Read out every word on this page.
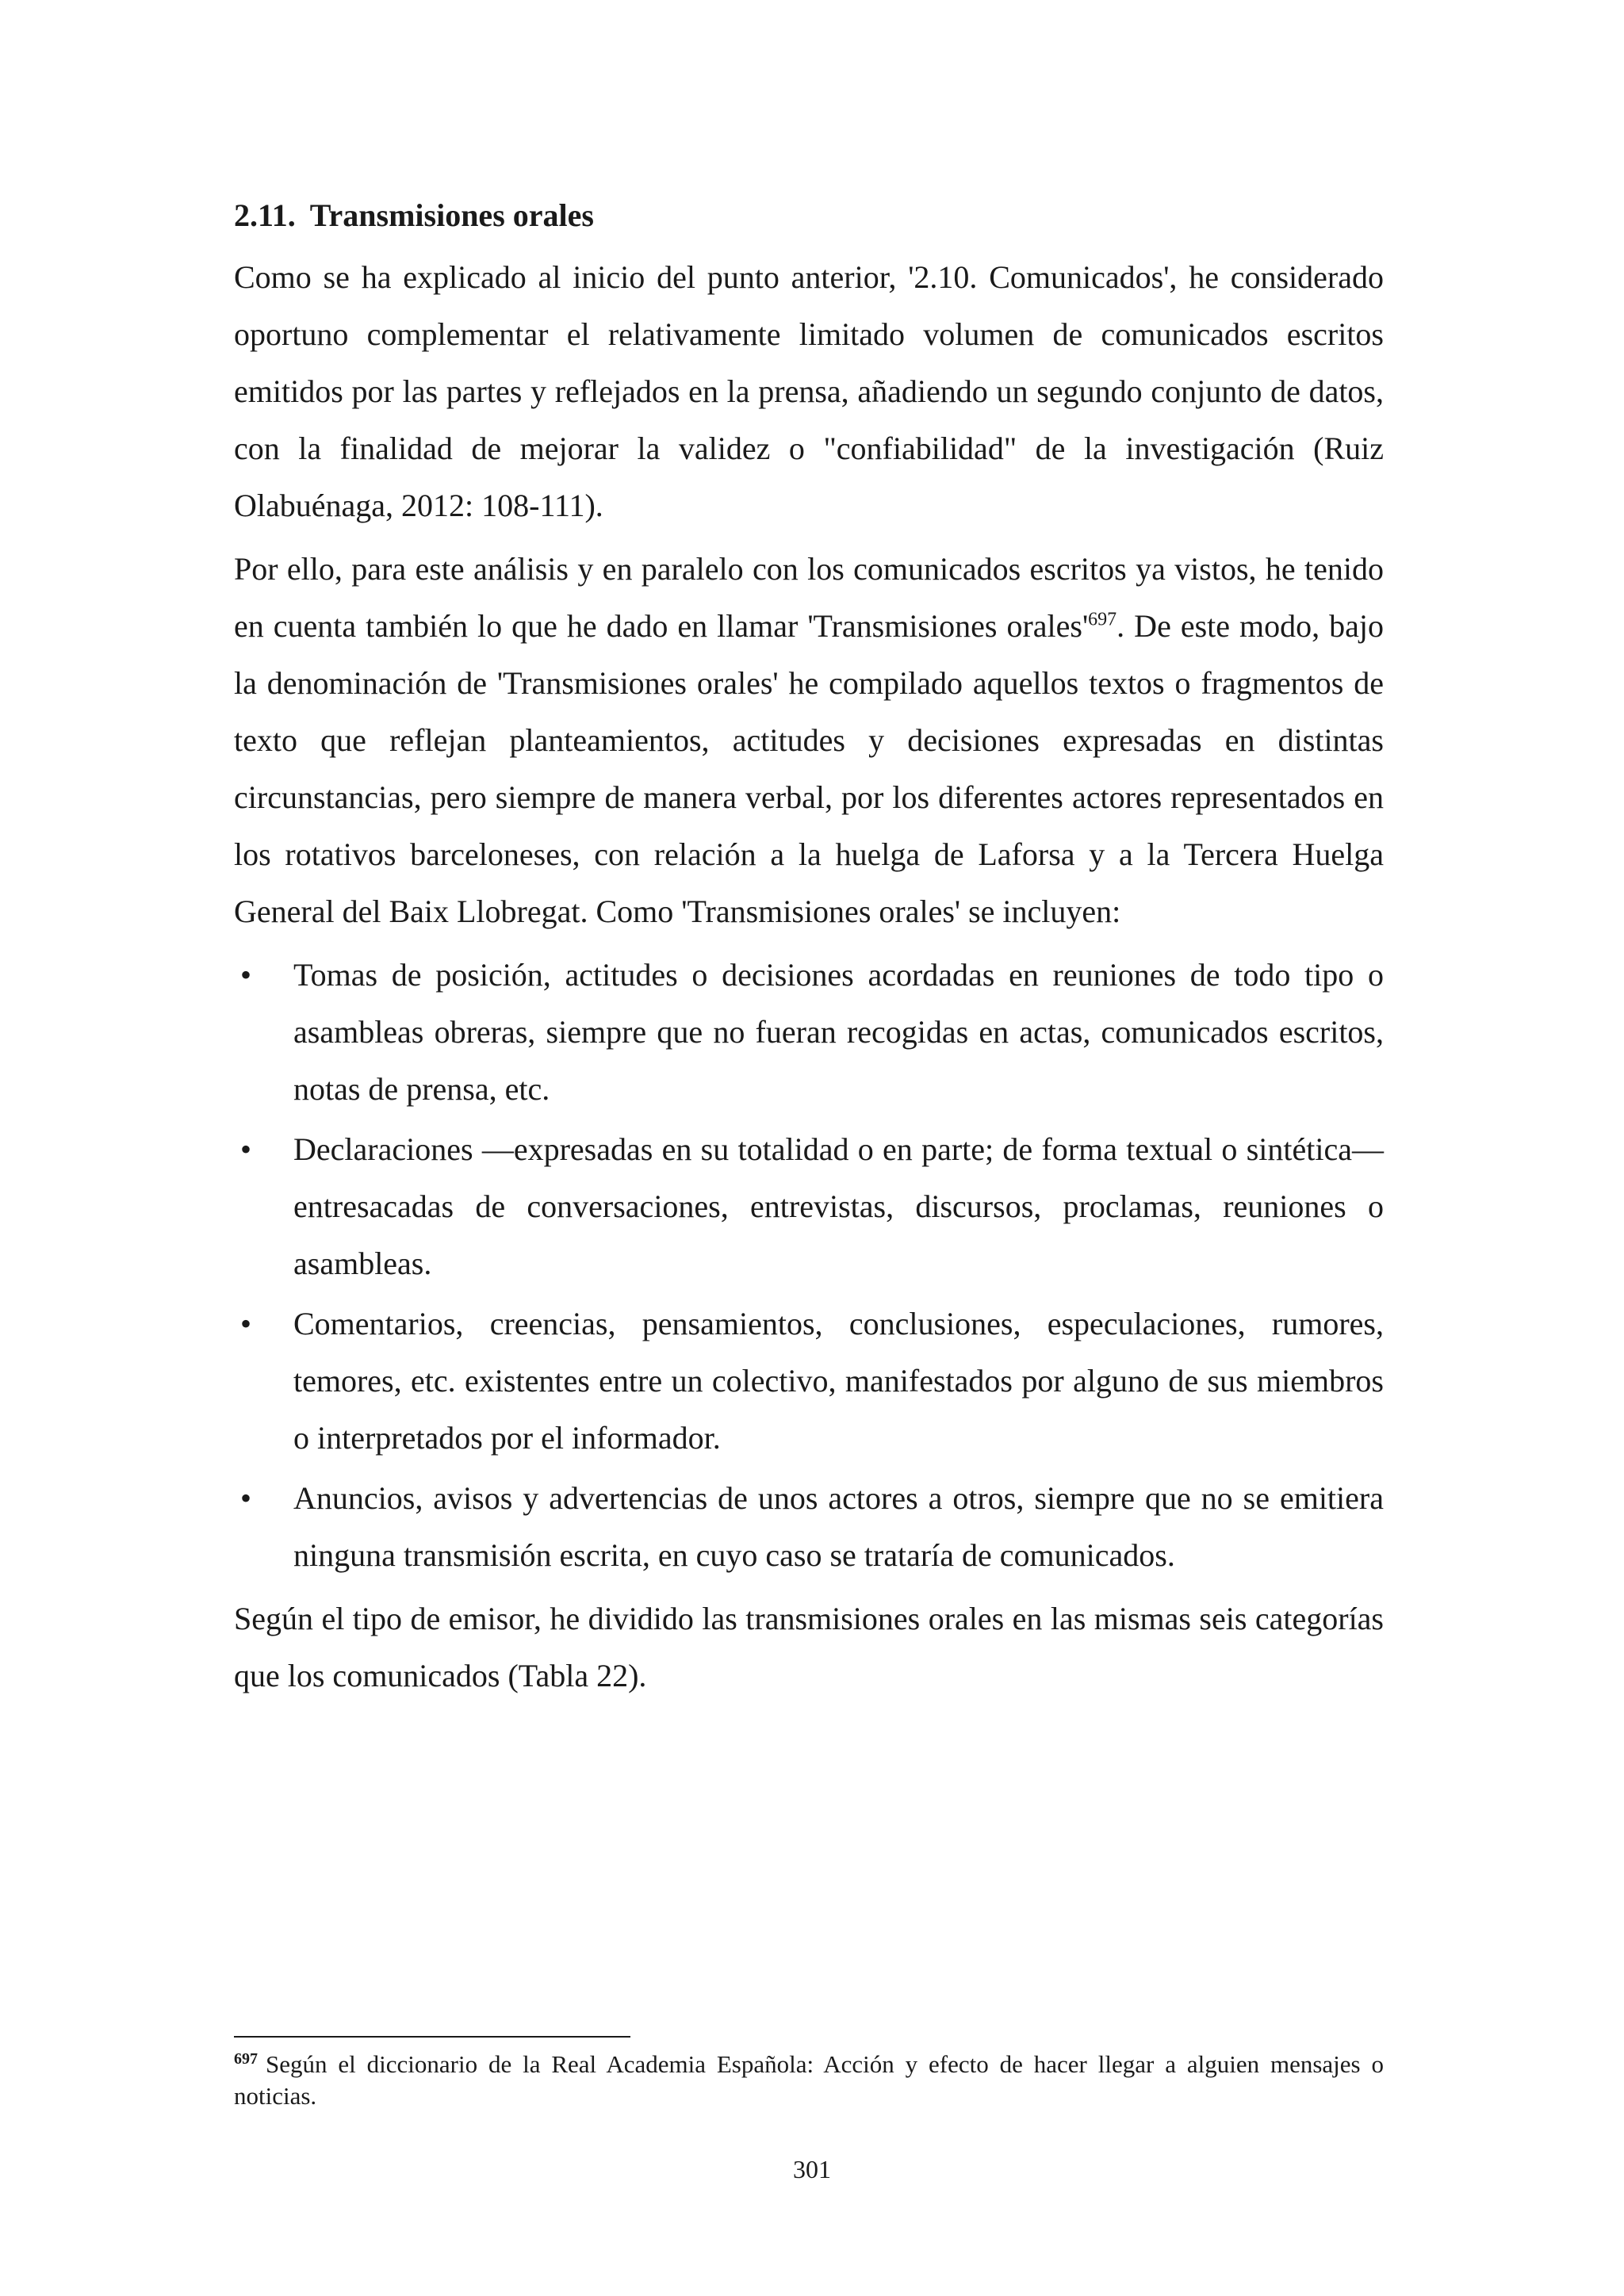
2.11. Transmisiones orales

Como se ha explicado al inicio del punto anterior, '2.10. Comunicados', he considerado oportuno complementar el relativamente limitado volumen de comunicados escritos emitidos por las partes y reflejados en la prensa, añadiendo un segundo conjunto de datos, con la finalidad de mejorar la validez o "confiabilidad" de la investigación (Ruiz Olabuénaga, 2012: 108-111).

Por ello, para este análisis y en paralelo con los comunicados escritos ya vistos, he tenido en cuenta también lo que he dado en llamar 'Transmisiones $orales'^{697}$. De este modo, bajo la denominación de 'Transmisiones orales' he compilado aquellos textos o fragmentos de texto que reflejan planteamientos, actitudes y decisiones expresadas en distintas circunstancias, pero siempre de manera verbal, por los diferentes actores representados en los rotativos barceloneses, con relación a la huelga de Laforsa y a la Tercera Huelga General del Baix Llobregat. Como 'Transmisiones orales' se incluyen:

• Tomas de posición, actitudes o decisiones acordadas en reuniones de todo tipo o asambleas obreras, siempre que no fueran recogidas en actas, comunicados escritos, notas de prensa, etc.
• Declaraciones —expresadas en su totalidad o en parte; de forma textual o sintética— entresacadas de conversaciones, entrevistas, discursos, proclamas, reuniones o asambleas.
• Comentarios, creencias, pensamientos, conclusiones, especulaciones, rumores, temores, etc. existentes entre un colectivo, manifestados por alguno de sus miembros o interpretados por el informador.
• Anuncios, avisos y advertencias de unos actores a otros, siempre que no se emitiera ninguna transmisión escrita, en cuyo caso se trataría de comunicados.

Según el tipo de emisor, he dividido las transmisiones orales en las mismas seis categorías que los comunicados (Tabla 22).

$^{697}$ Según el diccionario de la Real Academia Española: Acción y efecto de hacer llegar a alguien mensajes o noticias.
301
